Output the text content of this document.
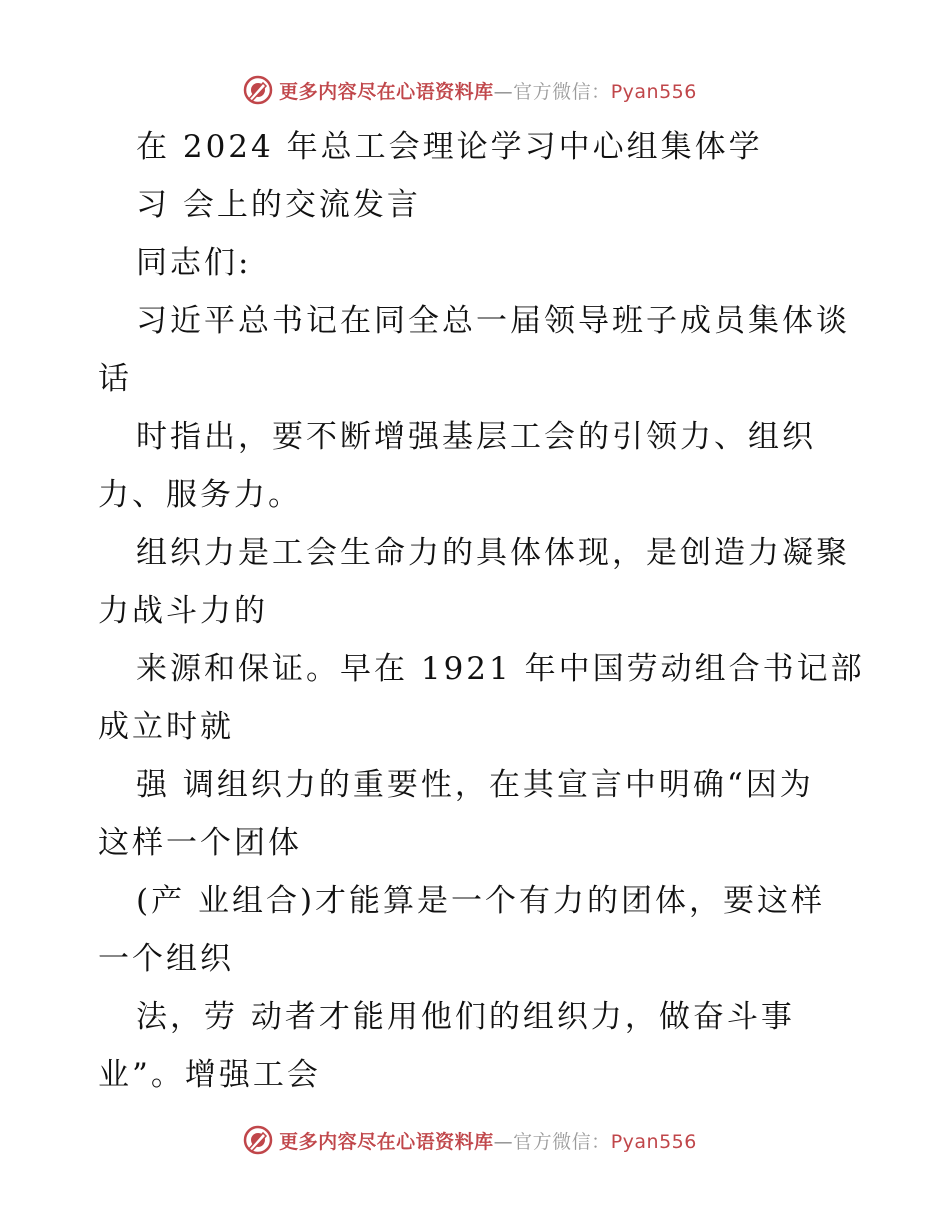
更多内容尽在心语资料库—官方微信：Pyan556
在 2024 年总工会理论学习中心组集体学
习 会上的交流发言
同志们:
习近平总书记在同全总一届领导班子成员集体谈
话
时指出，要不断增强基层工会的引领力、组织
力、服务力。
组织力是工会生命力的具体体现，是创造力凝聚
力战斗力的
来源和保证。早在 1921 年中国劳动组合书记部
成立时就
强 调组织力的重要性，在其宣言中明确“因为
这样一个团体
(产 业组合)才能算是一个有力的团体，要这样
一个组织
法，劳 动者才能用他们的组织力，做奋斗事
业”。增强工会
更多内容尽在心语资料库—官方微信：Pyan556
